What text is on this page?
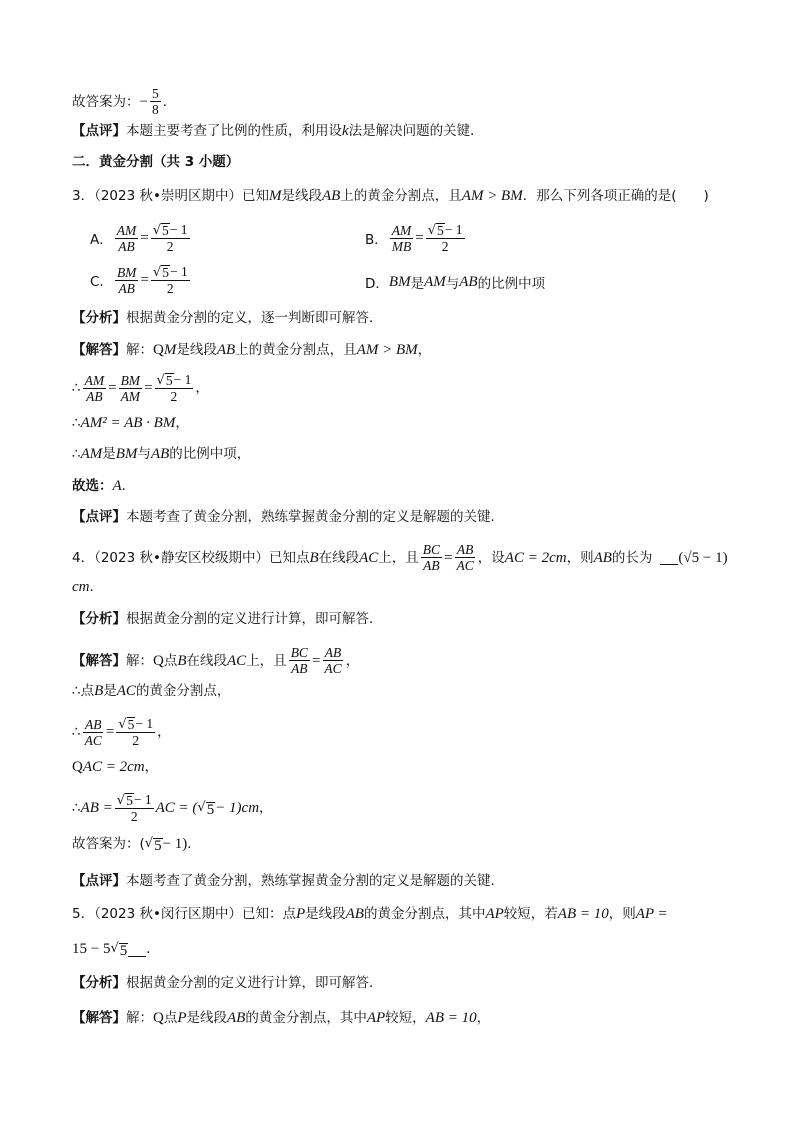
故答案为： − $\frac{5}{8}$ ．
【点评】 本题主要考查了比例的性质，利用设 k 法是解决问题的关键．
二．黄金分割（共 3 小题）
3．（2023 秋•崇明区期中）已知 M 是线段 AB 上的黄金分割点，且 AM > BM ．那么下列各项正确的是(　　)
A． $\frac{AM}{AB} = \frac{√ 5 - 1}{2}$	B． $\frac{AM}{MB} = \frac{√ 5 - 1}{2}$
C． $\frac{BM}{AB} = \frac{√ 5 - 1}{2}$	D． BM 是 AM 与 AB 的比例中项
【分析】 根据黄金分割的定义，逐一判断即可解答．
【解答】 解： Q M 是线段 AB 上的黄金分割点，且 AM > BM ，
∴ $\frac{AM}{AB} = \frac{BM}{AM} = \frac{√ 5 - 1}{2}$ ，
∴ AM² = AB · BM ，
∴ AM 是 BM 与 AB 的比例中项，
故选： A ．
【点评】 本题考查了黄金分割，熟练掌握黄金分割的定义是解题的关键．
4．（2023 秋•静安区校级期中）已知点 B 在线段 AC 上，且 $\frac{BC}{AB} = \frac{AB}{AC}$ ，设 AC = 2cm ，则 AB 的长为 (√5 − 1)
cm ．
【分析】 根据黄金分割的定义进行计算，即可解答．
【解答】 解： Q 点 B 在线段 AC 上，且 $\frac{BC}{AB} = \frac{AB}{AC}$ ，
∴ 点 B 是 AC 的黄金分割点，
∴ $\frac{AB}{AC} = \frac{√ 5 - 1}{2}$ ，
Q AC = 2cm ，
∴ AB = $\frac{√ 5 - 1}{2}$ AC = ( √ 5 − 1)cm ，
故答案为：( √ 5 − 1) ．
【点评】 本题考查了黄金分割，熟练掌握黄金分割的定义是解题的关键．
5．（2023 秋•闵行区期中）已知：点 P 是线段 AB 的黄金分割点，其中 AP 较短，若 AB = 10 ，则 AP =
15 − 5 √ 5 ．
【分析】 根据黄金分割的定义进行计算，即可解答．
【解答】 解： Q 点 P 是线段 AB 的黄金分割点，其中 AP 较短， AB = 10 ，
